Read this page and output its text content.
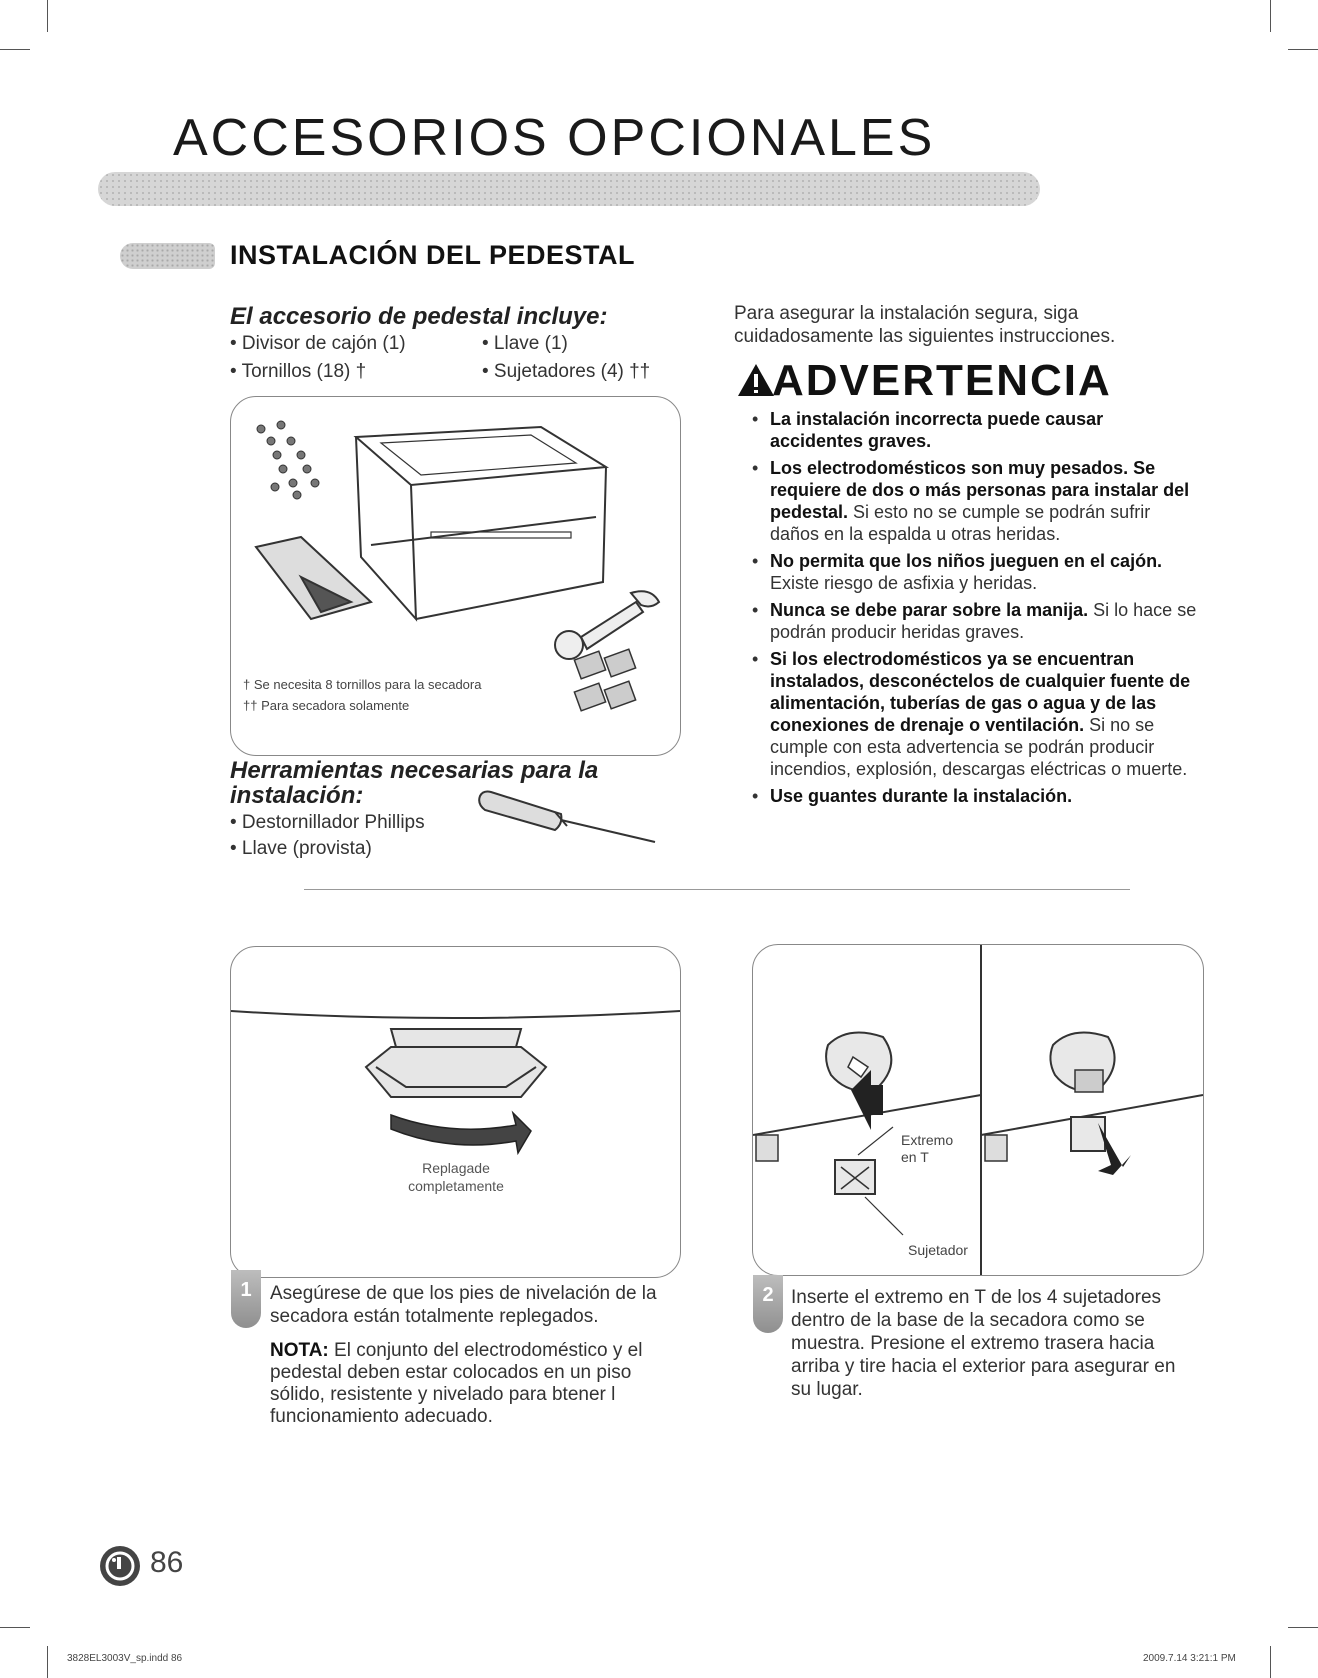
ACCESORIOS OPCIONALES
INSTALACIÓN DEL PEDESTAL
El accesorio de pedestal incluye:
• Divisor de cajón (1)	• Llave (1)
• Tornillos (18) †	• Sujetadores (4) ††
† Se necesita 8 tornillos para la secadora
†† Para secadora solamente
Herramientas necesarias para la
instalación:
• Destornillador Phillips
• Llave (provista)
Para asegurar la instalación segura, siga
cuidadosamente las siguientes instrucciones.
ADVERTENCIA
• La instalación incorrecta puede causar accidentes graves.
• Los electrodomésticos son muy pesados. Se requiere de dos o más personas para instalar del pedestal. Si esto no se cumple se podrán sufrir daños en la espalda u otras heridas.
• No permita que los niños jueguen en el cajón. Existe riesgo de asfixia y heridas.
• Nunca se debe parar sobre la manija. Si lo hace se podrán producir heridas graves.
• Si los electrodomésticos ya se encuentran instalados, desconéctelos de cualquier fuente de alimentación, tuberías de gas o agua y de las conexiones de drenaje o ventilación. Si no se cumple con esta advertencia se podrán producir incendios, explosión, descargas eléctricas o muerte.
• Use guantes durante la instalación.
Replagade
completamente
1 Asegúrese de que los pies de nivelación de la secadora están totalmente replegados.
NOTA: El conjunto del electrodoméstico y el pedestal deben estar colocados en un piso sólido, resistente y nivelado para btener l funcionamiento adecuado.
Extremo
en T
Sujetador
2 Inserte el extremo en T de los 4 sujetadores dentro de la base de la secadora como se muestra. Presione el extremo trasera hacia arriba y tire hacia el exterior para asegurar en su lugar.
86
3828EL3003V_sp.indd 86	2009.7.14 3:21:1 PM
